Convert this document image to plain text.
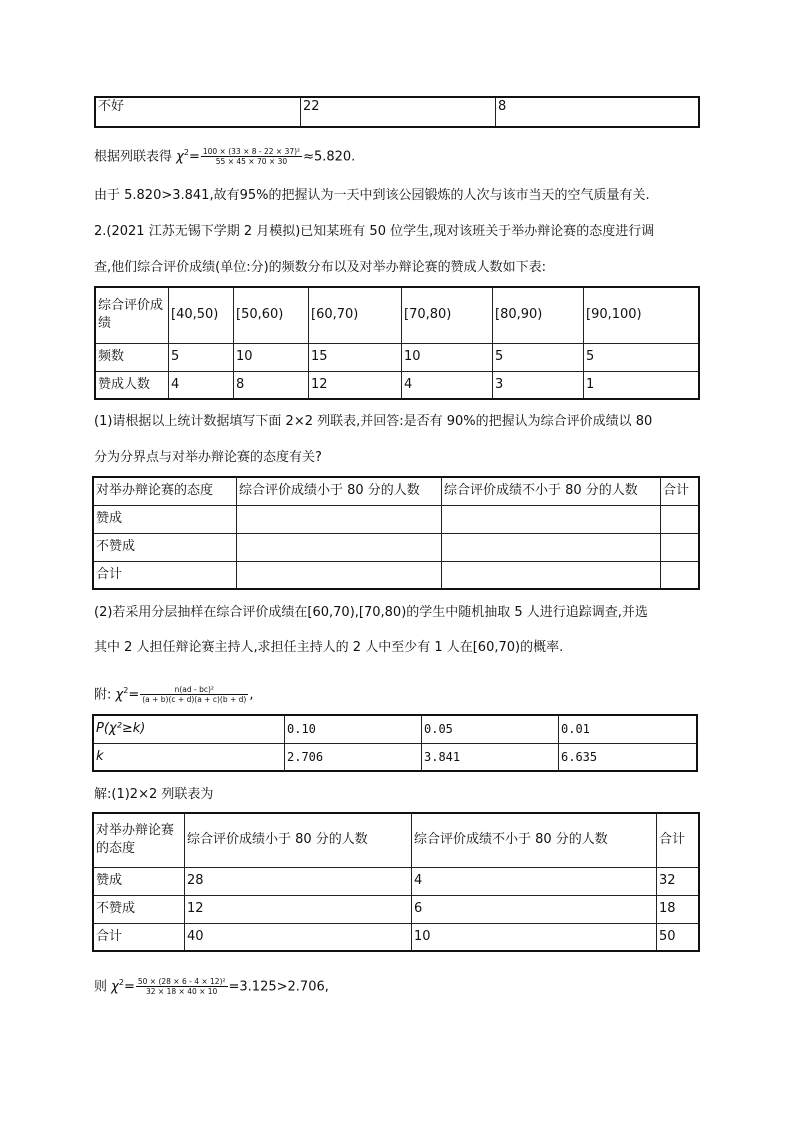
不好	22	8
根据列联表得 $\chi^2= \frac{\text{100 × (33 × 8 - 22 × 37)²}}{55 \times 45 \times 70 \times 30} \approx 5.820$.
由于 5.820>3.841,故有95%的把握认为一天中到该公园锻炼的人次与该市当天的空气质量有关.
2.(2021 江苏无锡下学期 2 月模拟)已知某班有 50 位学生,现对该班关于举办辩论赛的态度进行调
查,他们综合评价成绩(单位:分)的频数分布以及对举办辩论赛的赞成人数如下表:
综合评价成绩	[40,50)	[50,60)	[60,70)	[70,80)	[80,90)	[90,100)
频数	5	10	15	10	5	5
赞成人数	4	8	12	4	3	1
(1)请根据以上统计数据填写下面 2×2 列联表,并回答:是否有 90%的把握认为综合评价成绩以 80
分为分界点与对举办辩论赛的态度有关?
对举办辩论赛的态度	综合评价成绩小于 80 分的人数	综合评价成绩不小于 80 分的人数	合计
赞成			
不赞成			
合计			
(2)若采用分层抽样在综合评价成绩在[60,70),[70,80)的学生中随机抽取 5 人进行追踪调查,并选
其中 2 人担任辩论赛主持人,求担任主持人的 2 人中至少有 1 人在[60,70)的概率.
附: $\chi^2= \frac{\text{n(ad - bc)²}}{(a + b)(c + d)(a + c)(b + d)}$ ,
P(χ²≥k)	0.10	0.05	0.01
k	2.706	3.841	6.635
解:(1)2×2 列联表为
对举办辩论赛的态度	综合评价成绩小于 80 分的人数	综合评价成绩不小于 80 分的人数	合计
赞成	28	4	32
不赞成	12	6	18
合计	40	10	50
则 $\chi^2= \frac{\text{50 × (28 × 6 - 4 × 12)²}}{32 \times 18 \times 40 \times 10} =3.125>2.706$,
